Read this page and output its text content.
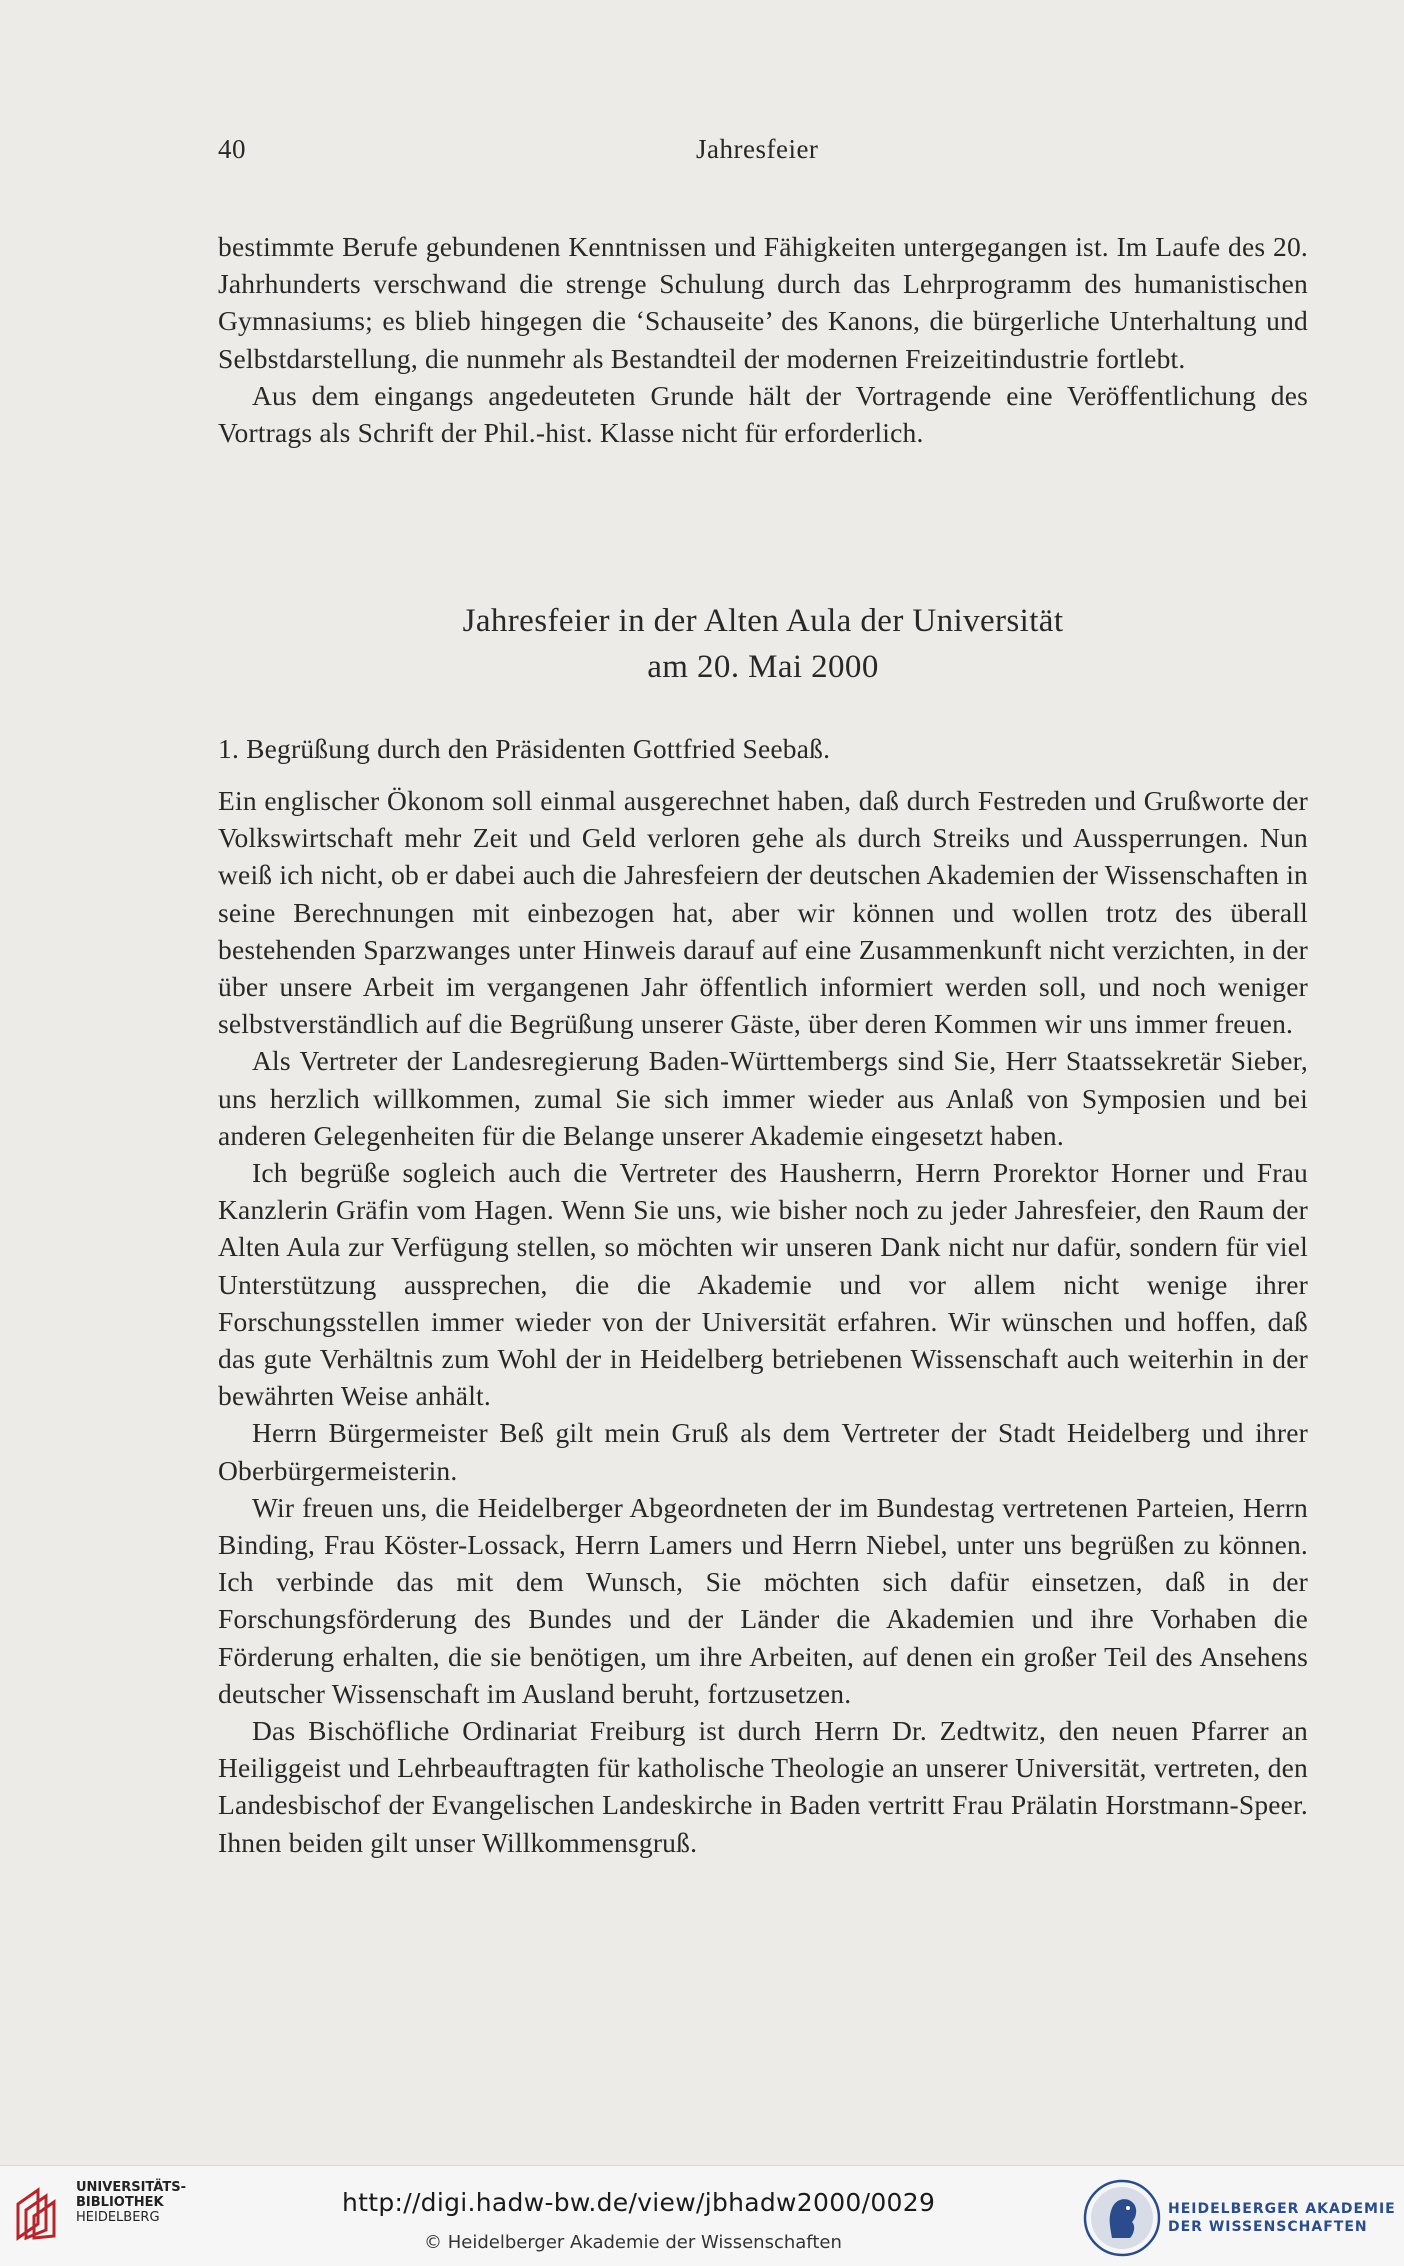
40	Jahresfeier

bestimmte Berufe gebundenen Kenntnissen und Fähigkeiten untergegangen ist. Im Laufe des 20. Jahrhunderts verschwand die strenge Schulung durch das Lehrprogramm des humanistischen Gymnasiums; es blieb hingegen die ‘Schauseite’ des Kanons, die bürgerliche Unterhaltung und Selbstdarstellung, die nunmehr als Bestandteil der modernen Freizeitindustrie fortlebt.

Aus dem eingangs angedeuteten Grunde hält der Vortragende eine Veröffentlichung des Vortrags als Schrift der Phil.-hist. Klasse nicht für erforderlich.

Jahresfeier in der Alten Aula der Universität
am 20. Mai 2000
1. Begrüßung durch den Präsidenten Gottfried Seebaß.

Ein englischer Ökonom soll einmal ausgerechnet haben, daß durch Festreden und Grußworte der Volkswirtschaft mehr Zeit und Geld verloren gehe als durch Streiks und Aussperrungen. Nun weiß ich nicht, ob er dabei auch die Jahresfeiern der deutschen Akademien der Wissenschaften in seine Berechnungen mit einbezogen hat, aber wir können und wollen trotz des überall bestehenden Sparzwanges unter Hinweis darauf auf eine Zusammenkunft nicht verzichten, in der über unsere Arbeit im vergangenen Jahr öffentlich informiert werden soll, und noch weniger selbstverständlich auf die Begrüßung unserer Gäste, über deren Kommen wir uns immer freuen.

Als Vertreter der Landesregierung Baden-Württembergs sind Sie, Herr Staatssekretär Sieber, uns herzlich willkommen, zumal Sie sich immer wieder aus Anlaß von Symposien und bei anderen Gelegenheiten für die Belange unserer Akademie eingesetzt haben.

Ich begrüße sogleich auch die Vertreter des Hausherrn, Herrn Prorektor Horner und Frau Kanzlerin Gräfin vom Hagen. Wenn Sie uns, wie bisher noch zu jeder Jahresfeier, den Raum der Alten Aula zur Verfügung stellen, so möchten wir unseren Dank nicht nur dafür, sondern für viel Unterstützung aussprechen, die die Akademie und vor allem nicht wenige ihrer Forschungsstellen immer wieder von der Universität erfahren. Wir wünschen und hoffen, daß das gute Verhältnis zum Wohl der in Heidelberg betriebenen Wissenschaft auch weiterhin in der bewährten Weise anhält.

Herrn Bürgermeister Beß gilt mein Gruß als dem Vertreter der Stadt Heidelberg und ihrer Oberbürgermeisterin.

Wir freuen uns, die Heidelberger Abgeordneten der im Bundestag vertretenen Parteien, Herrn Binding, Frau Köster-Lossack, Herrn Lamers und Herrn Niebel, unter uns begrüßen zu können. Ich verbinde das mit dem Wunsch, Sie möchten sich dafür einsetzen, daß in der Forschungsförderung des Bundes und der Länder die Akademien und ihre Vorhaben die Förderung erhalten, die sie benötigen, um ihre Arbeiten, auf denen ein großer Teil des Ansehens deutscher Wissenschaft im Ausland beruht, fortzusetzen.

Das Bischöfliche Ordinariat Freiburg ist durch Herrn Dr. Zedtwitz, den neuen Pfarrer an Heiliggeist und Lehrbeauftragten für katholische Theologie an unserer Universität, vertreten, den Landesbischof der Evangelischen Landeskirche in Baden vertritt Frau Prälatin Horstmann-Speer. Ihnen beiden gilt unser Willkommensgruß.

UNIVERSITÄTS-
BIBLIOTHEK
HEIDELBERG
http://digi.hadw-bw.de/view/jbhadw2000/0029
© Heidelberger Akademie der Wissenschaften
HEIDELBERGER AKADEMIE
DER WISSENSCHAFTEN
